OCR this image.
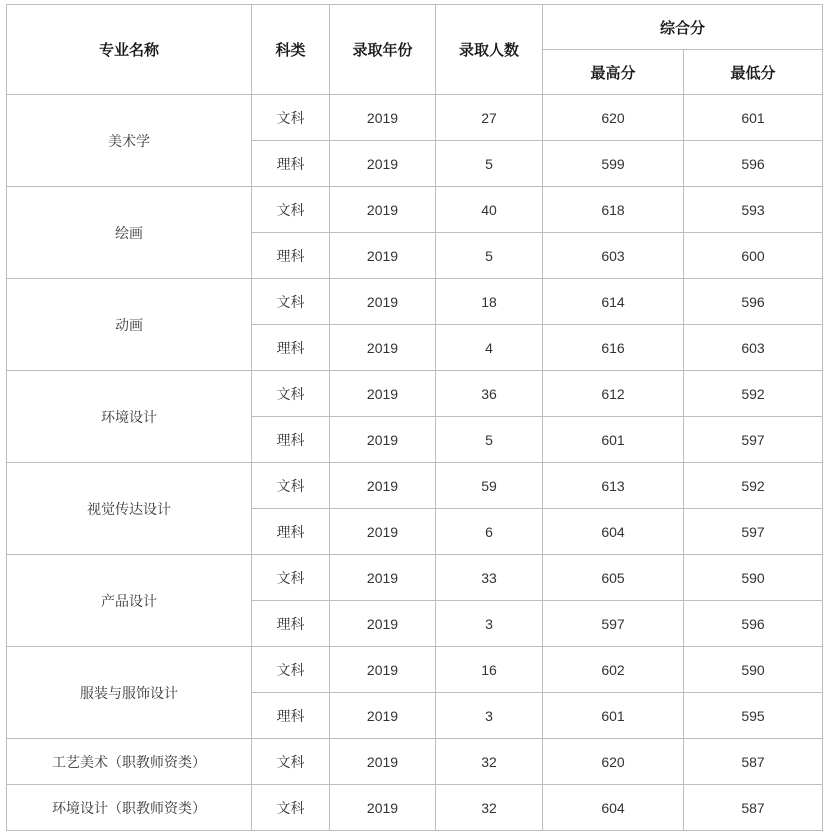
专业名称	科类	录取年份	录取人数	综合分	
				最高分	最低分
美术学	文科	2019	27	620	601
	理科	2019	5	599	596
绘画	文科	2019	40	618	593
	理科	2019	5	603	600
动画	文科	2019	18	614	596
	理科	2019	4	616	603
环境设计	文科	2019	36	612	592
	理科	2019	5	601	597
视觉传达设计	文科	2019	59	613	592
	理科	2019	6	604	597
产品设计	文科	2019	33	605	590
	理科	2019	3	597	596
服装与服饰设计	文科	2019	16	602	590
	理科	2019	3	601	595
工艺美术（职教师资类）	文科	2019	32	620	587
环境设计（职教师资类）	文科	2019	32	604	587
